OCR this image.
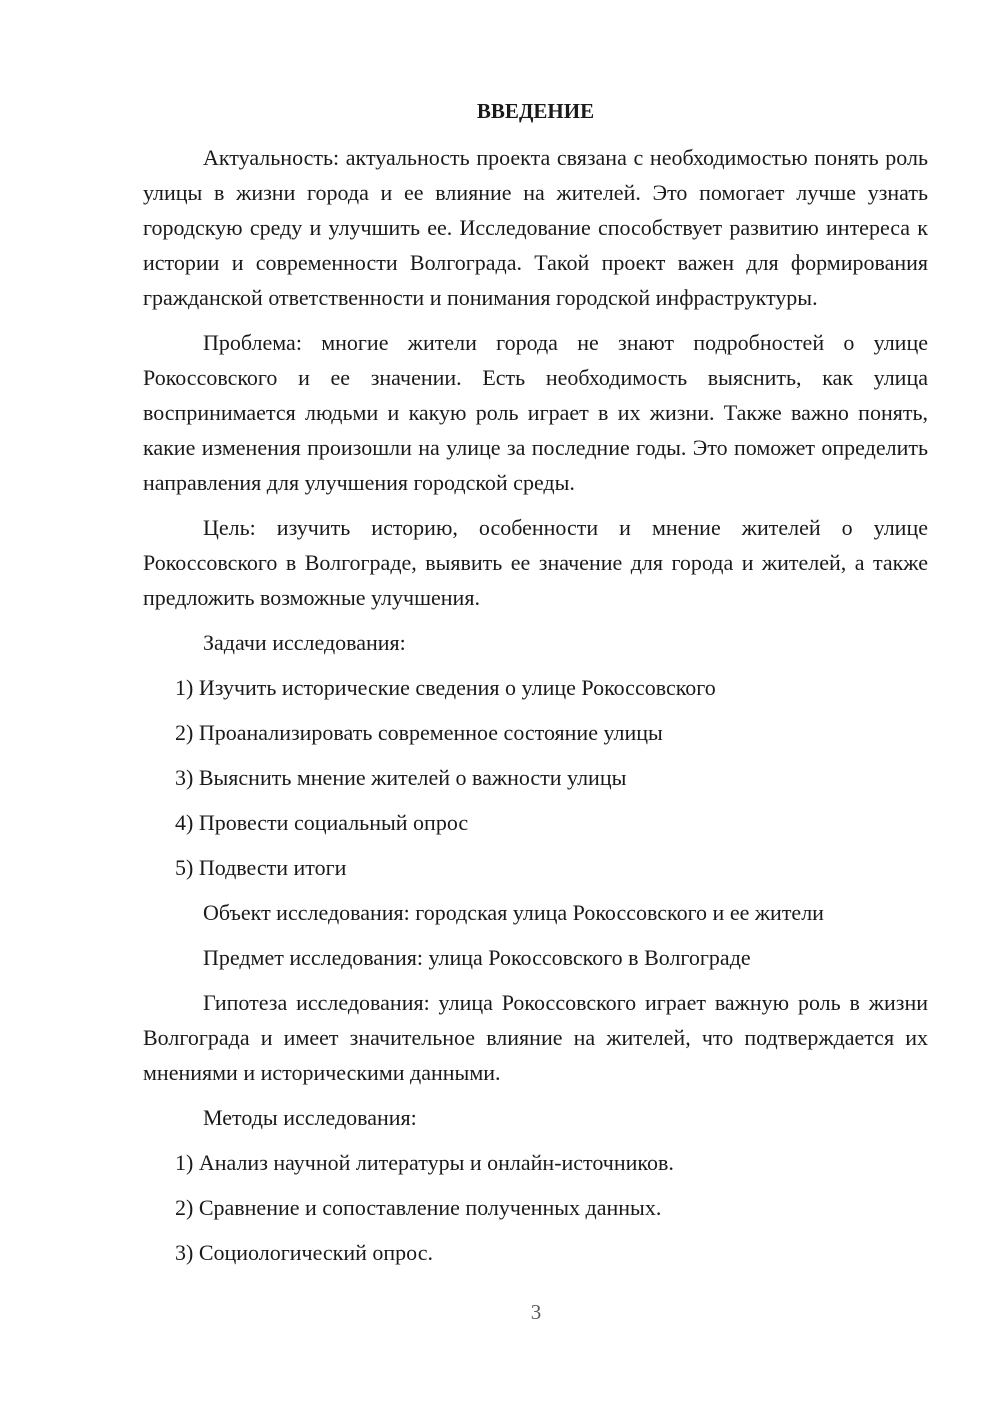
ВВЕДЕНИЕ

Актуальность: актуальность проекта связана с необходимостью понять роль улицы в жизни города и ее влияние на жителей. Это помогает лучше узнать городскую среду и улучшить ее. Исследование способствует развитию интереса к истории и современности Волгограда. Такой проект важен для формирования гражданской ответственности и понимания городской инфраструктуры.

Проблема: многие жители города не знают подробностей о улице Рокоссовского и ее значении. Есть необходимость выяснить, как улица воспринимается людьми и какую роль играет в их жизни. Также важно понять, какие изменения произошли на улице за последние годы. Это поможет определить направления для улучшения городской среды.

Цель: изучить историю, особенности и мнение жителей о улице Рокоссовского в Волгограде, выявить ее значение для города и жителей, а также предложить возможные улучшения.

Задачи исследования:

1) Изучить исторические сведения о улице Рокоссовского

2) Проанализировать современное состояние улицы

3) Выяснить мнение жителей о важности улицы

4) Провести социальный опрос

5) Подвести итоги

Объект исследования: городская улица Рокоссовского и ее жители

Предмет исследования: улица Рокоссовского в Волгограде

Гипотеза исследования: улица Рокоссовского играет важную роль в жизни Волгограда и имеет значительное влияние на жителей, что подтверждается их мнениями и историческими данными.

Методы исследования:

1) Анализ научной литературы и онлайн-источников.

2) Сравнение и сопоставление полученных данных.

3) Социологический опрос.

3
